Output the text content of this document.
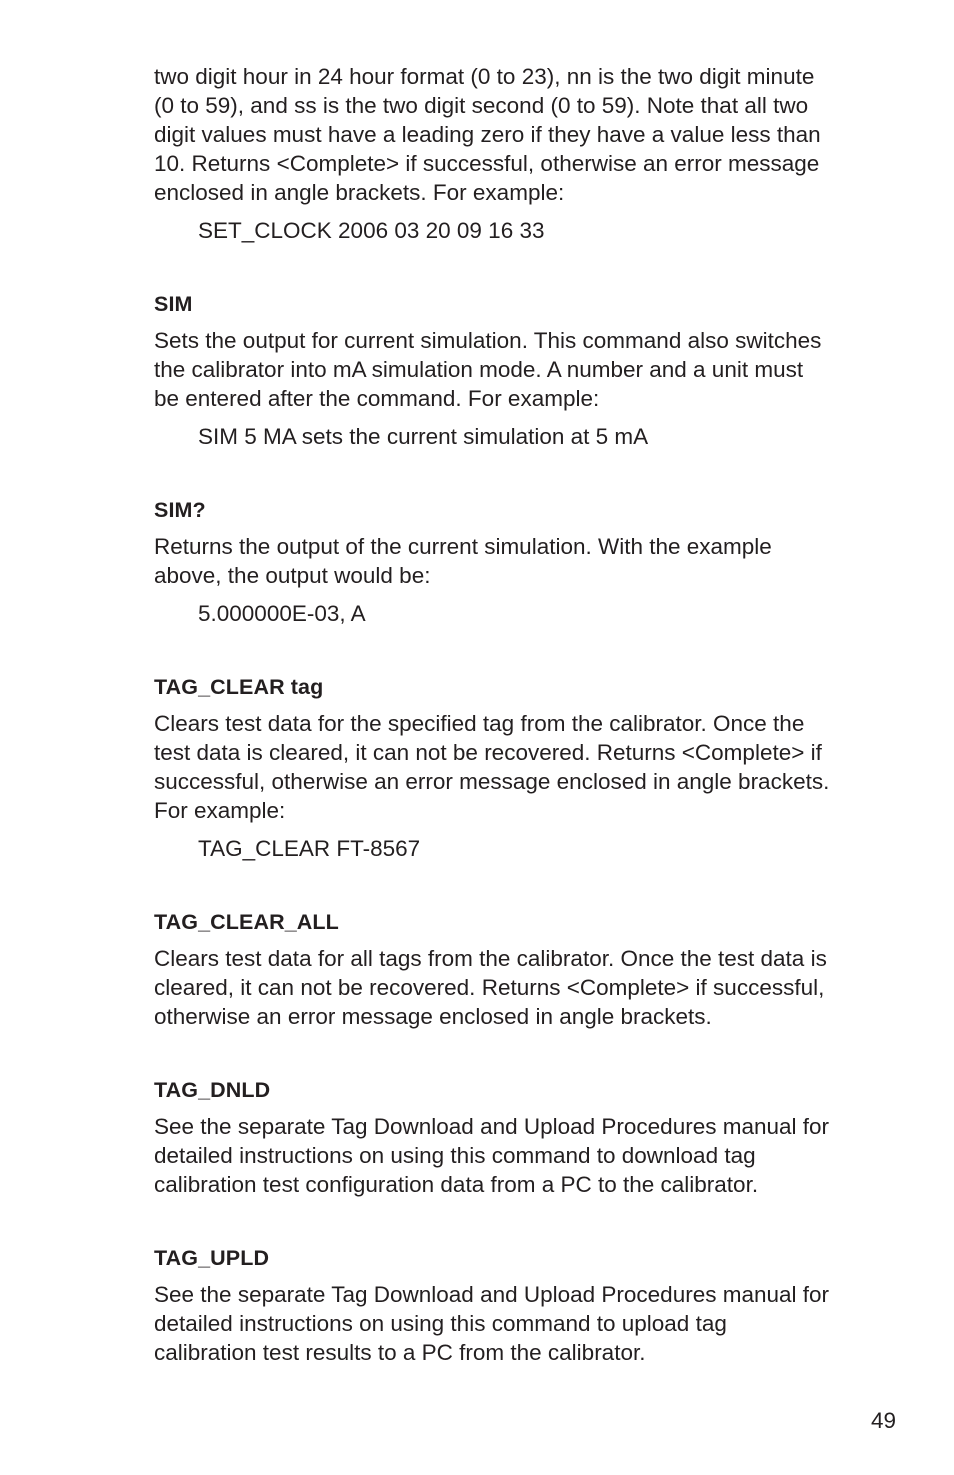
two digit hour in 24 hour format (0 to 23), nn is the two digit minute
(0 to 59), and ss is the two digit second (0 to 59). Note that all two
digit values must have a leading zero if they have a value less than
10. Returns <Complete> if successful, otherwise an error message
enclosed in angle brackets. For example:

SET_CLOCK 2006 03 20 09 16 33
SIM

Sets the output for current simulation. This command also switches
the calibrator into mA simulation mode. A number and a unit must
be entered after the command. For example:

SIM 5 MA sets the current simulation at 5 mA
SIM?

Returns the output of the current simulation. With the example
above, the output would be:

5.000000E-03, A
TAG_CLEAR tag

Clears test data for the specified tag from the calibrator. Once the
test data is cleared, it can not be recovered. Returns <Complete> if
successful, otherwise an error message enclosed in angle brackets.
For example:

TAG_CLEAR FT-8567
TAG_CLEAR_ALL

Clears test data for all tags from the calibrator. Once the test data is
cleared, it can not be recovered. Returns <Complete> if successful,
otherwise an error message enclosed in angle brackets.

TAG_DNLD

See the separate Tag Download and Upload Procedures manual for
detailed instructions on using this command to download tag
calibration test configuration data from a PC to the calibrator.

TAG_UPLD

See the separate Tag Download and Upload Procedures manual for
detailed instructions on using this command to upload tag
calibration test results to a PC from the calibrator.

49
